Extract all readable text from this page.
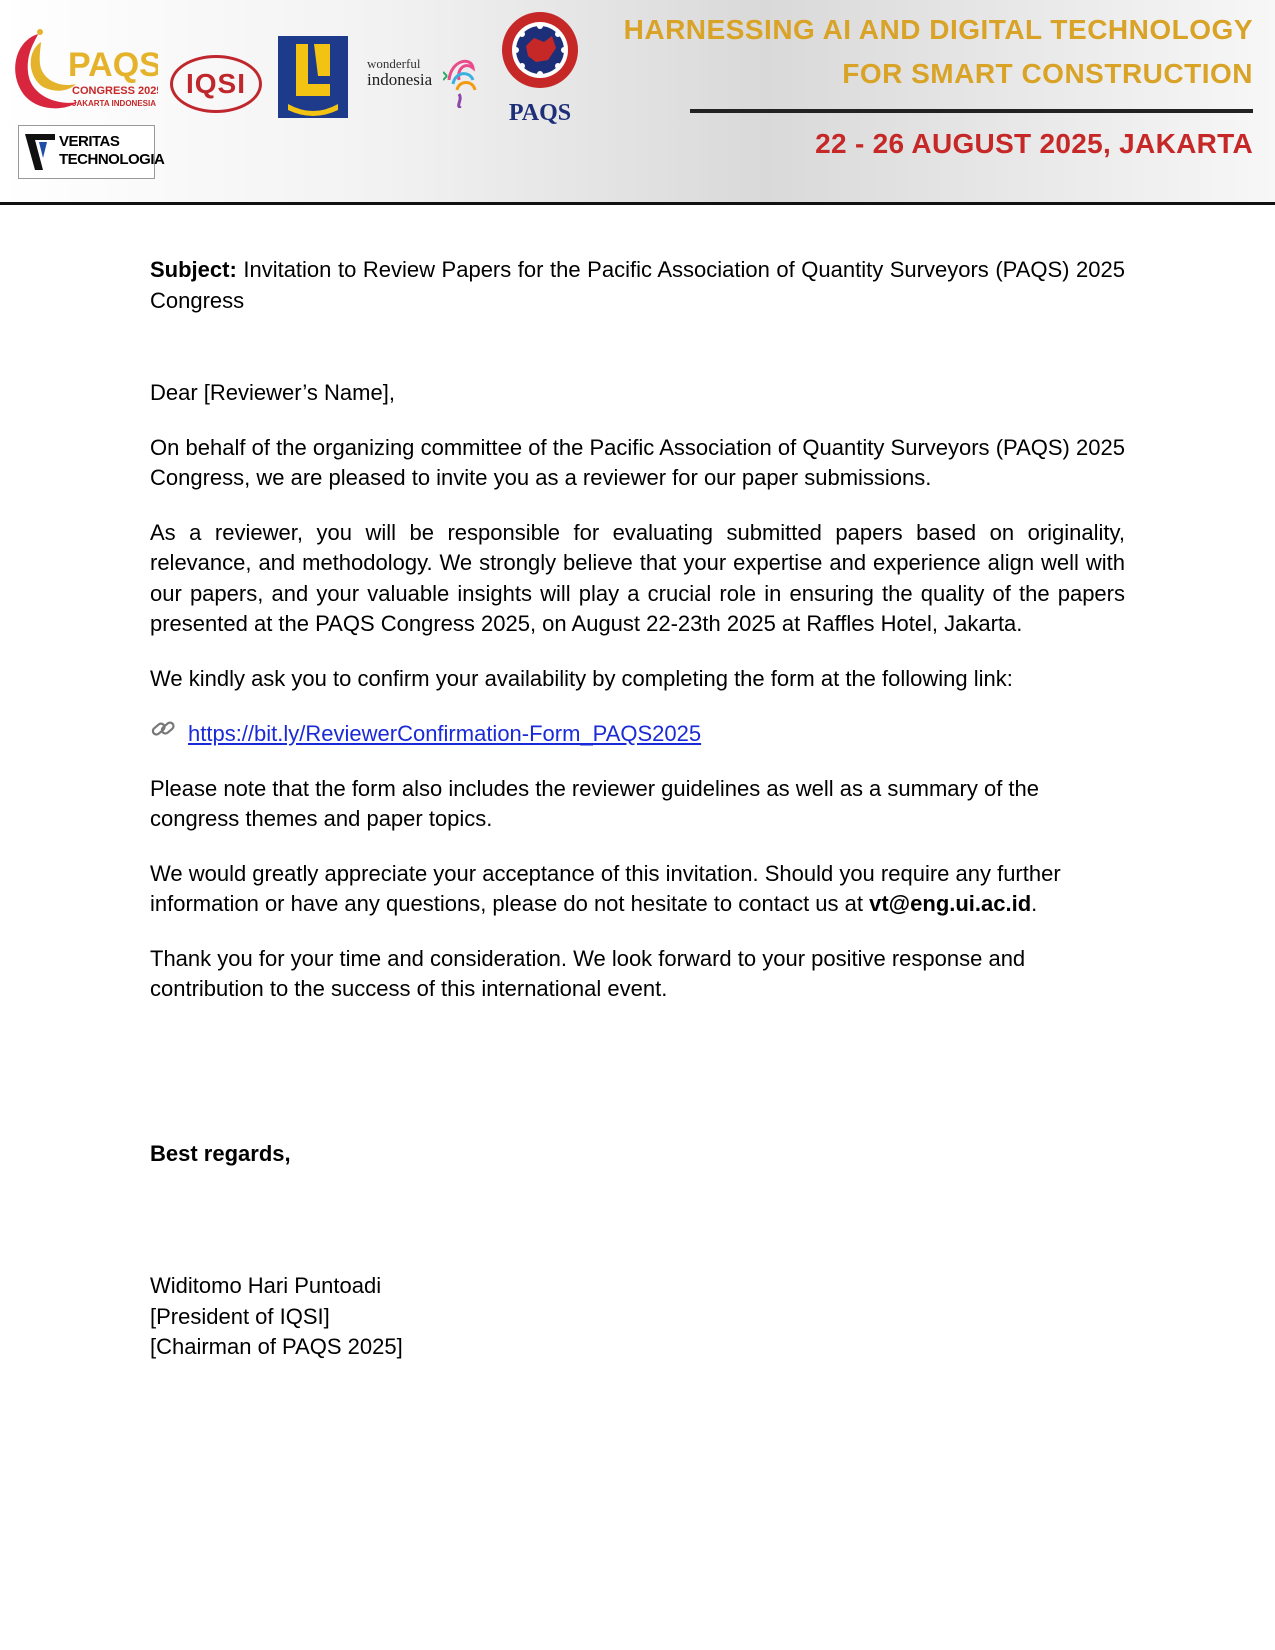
PAQS
CONGRESS 2025
JAKARTA INDONESIA
IQSI
wonderful
indonesia
PAQS
VERITAS
TECHNOLOGIA
HARNESSING AI AND DIGITAL TECHNOLOGY
FOR SMART CONSTRUCTION
22 - 26 AUGUST 2025, JAKARTA

Subject: Invitation to Review Papers for the Pacific Association of Quantity Surveyors (PAQS) 2025 Congress

Dear [Reviewer’s Name],

On behalf of the organizing committee of the Pacific Association of Quantity Surveyors (PAQS) 2025 Congress, we are pleased to invite you as a reviewer for our paper submissions.

As a reviewer, you will be responsible for evaluating submitted papers based on originality, relevance, and methodology. We strongly believe that your expertise and experience align well with our papers, and your valuable insights will play a crucial role in ensuring the quality of the papers presented at the PAQS Congress 2025, on August 22-23th 2025 at Raffles Hotel, Jakarta.

We kindly ask you to confirm your availability by completing the form at the following link:

https://bit.ly/ReviewerConfirmation-Form_PAQS2025

Please note that the form also includes the reviewer guidelines as well as a summary of the congress themes and paper topics.

We would greatly appreciate your acceptance of this invitation. Should you require any further information or have any questions, please do not hesitate to contact us at vt@eng.ui.ac.id.

Thank you for your time and consideration. We look forward to your positive response and contribution to the success of this international event.

Best regards,

Widitomo Hari Puntoadi
[President of IQSI]
[Chairman of PAQS 2025]
